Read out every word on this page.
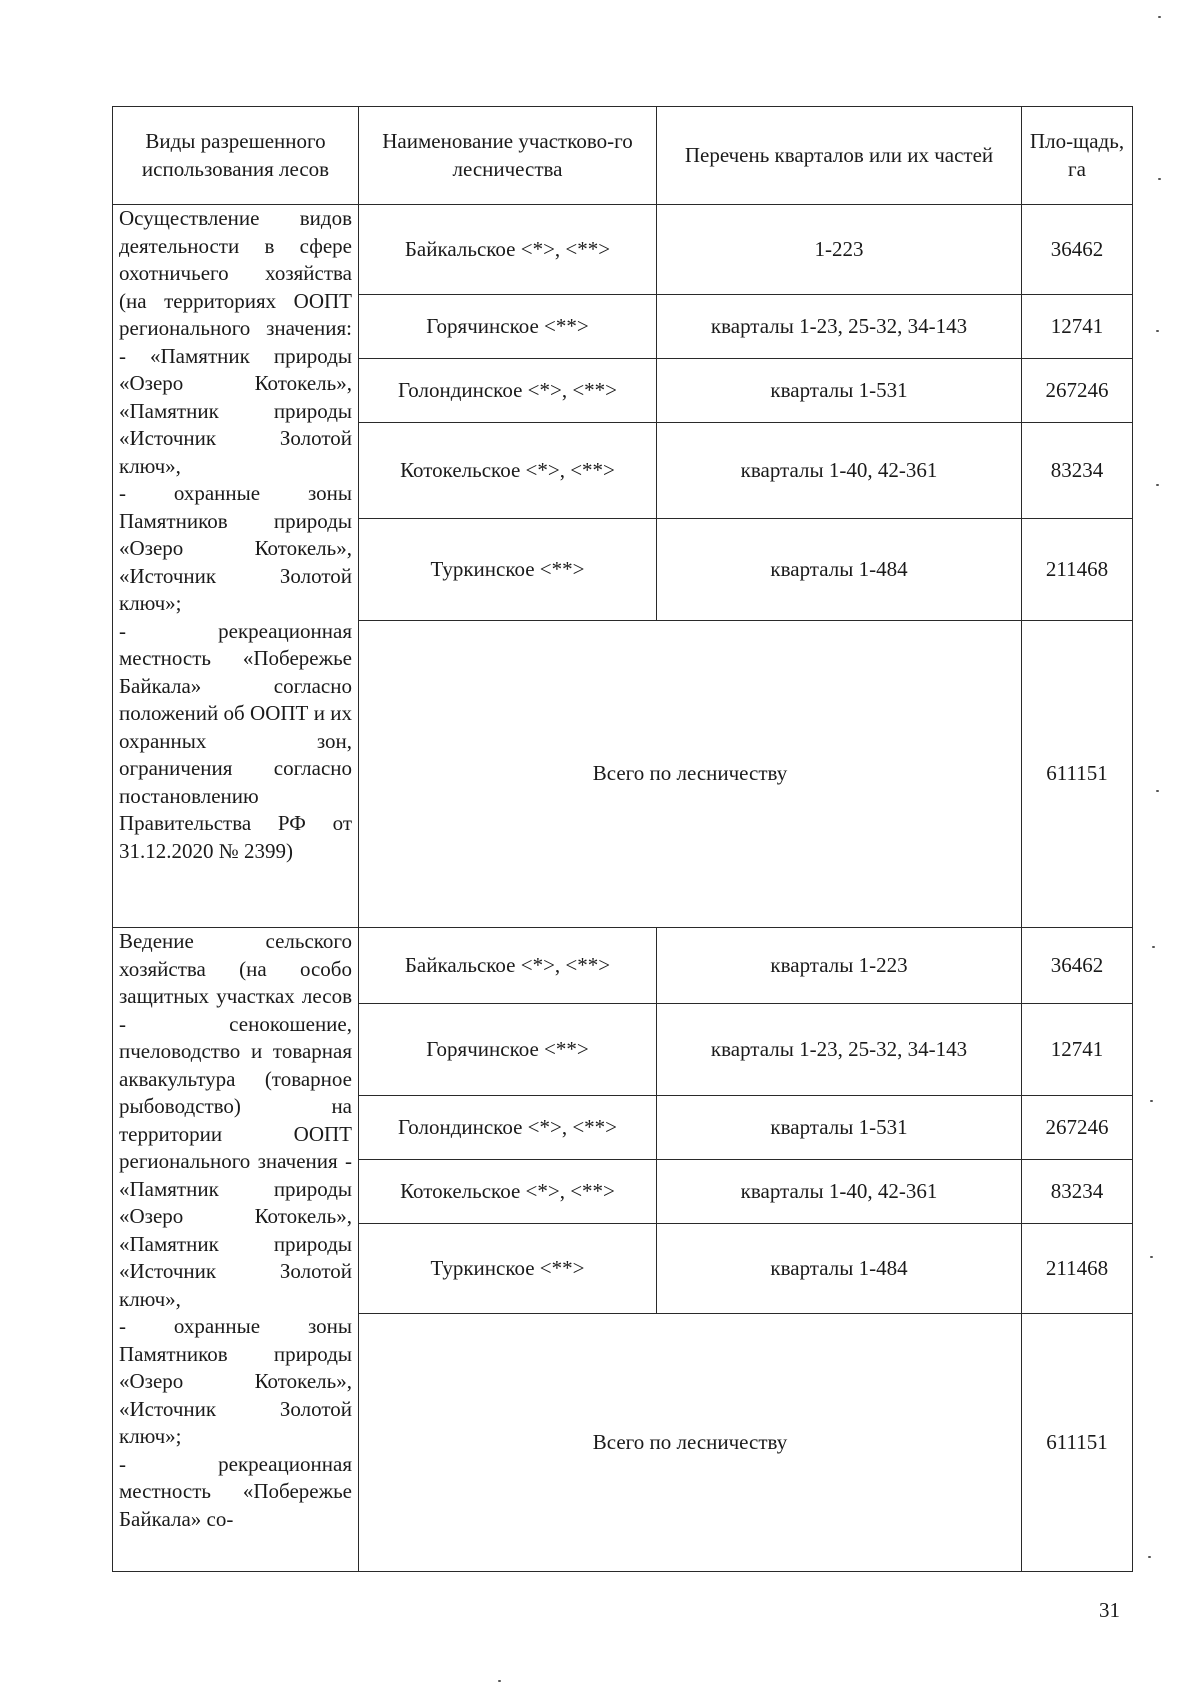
Виды разрешенного использования лесов	Наименование участково-го лесничества	Перечень кварталов или их частей	Пло-щадь, га

Осуществление видов деятельности в сфере охотничьего хозяйства (на территориях ООПТ регионального значения: - «Памятник природы «Озеро Котокель», «Памятник природы «Источник Золотой ключ»,
- охранные зоны Памятников природы «Озеро Котокель», «Источник Золотой ключ»;
- рекреационная местность «Побережье Байкала» согласно положений об ООПТ и их охранных зон, ограничения согласно постановлению Правительства РФ от 31.12.2020 № 2399)	Байкальское <*>, <**>	1-223	36462
	Горячинское <**>	кварталы 1-23, 25-32, 34-143	12741
	Голондинское <*>, <**>	кварталы 1-531	267246
	Котокельское <*>, <**>	кварталы 1-40, 42-361	83234
	Туркинское <**>	кварталы 1-484	211468
	Всего по лесничеству		611151

Ведение сельского хозяйства (на особо защитных участках лесов - сенокошение, пчеловодство и товарная аквакультура (товарное рыбоводство) на территории ООПТ регионального значения - «Памятник природы «Озеро Котокель», «Памятник природы «Источник Золотой ключ»,
- охранные зоны Памятников природы «Озеро Котокель», «Источник Золотой ключ»;
- рекреационная местность «Побережье Байкала» со-	Байкальское <*>, <**>	кварталы 1-223	36462
	Горячинское <**>	кварталы 1-23, 25-32, 34-143	12741
	Голондинское <*>, <**>	кварталы 1-531	267246
	Котокельское <*>, <**>	кварталы 1-40, 42-361	83234
	Туркинское <**>	кварталы 1-484	211468
	Всего по лесничеству		611151
31
